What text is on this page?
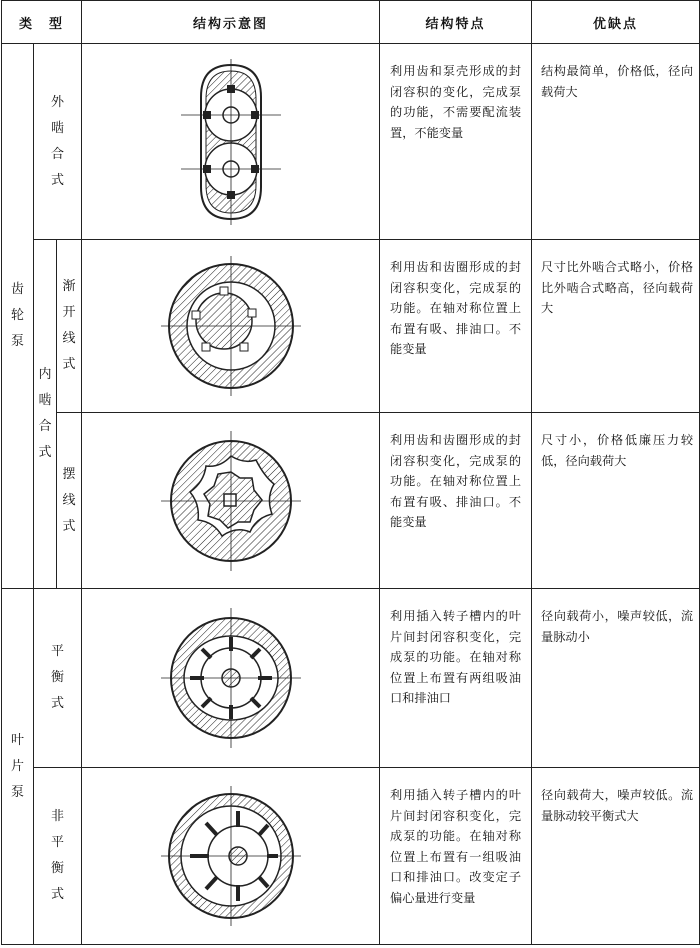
类　型			结构示意图	结构特点	优缺点
齿轮泵	外啮合式			利用齿和泵壳形成的封闭容积的变化，完成泵的功能，不需要配流装置，不能变量	结构最简单，价格低，径向载荷大
	内啮合式	渐开线式		利用齿和齿圈形成的封闭容积变化，完成泵的功能。在轴对称位置上布置有吸、排油口。不能变量	尺寸比外啮合式略小，价格比外啮合式略高，径向载荷大
		摆线式		利用齿和齿圈形成的封闭容积变化，完成泵的功能。在轴对称位置上布置有吸、排油口。不能变量	尺寸小，价格低廉压力较低，径向载荷大
叶片泵	平衡式			利用插入转子槽内的叶片间封闭容积变化，完成泵的功能。在轴对称位置上布置有两组吸油口和排油口	径向载荷小，噪声较低，流量脉动小
	非平衡式			利用插入转子槽内的叶片间封闭容积变化，完成泵的功能。在轴对称位置上布置有一组吸油口和排油口。改变定子偏心量进行变量	径向载荷大，噪声较低。流量脉动较平衡式大
